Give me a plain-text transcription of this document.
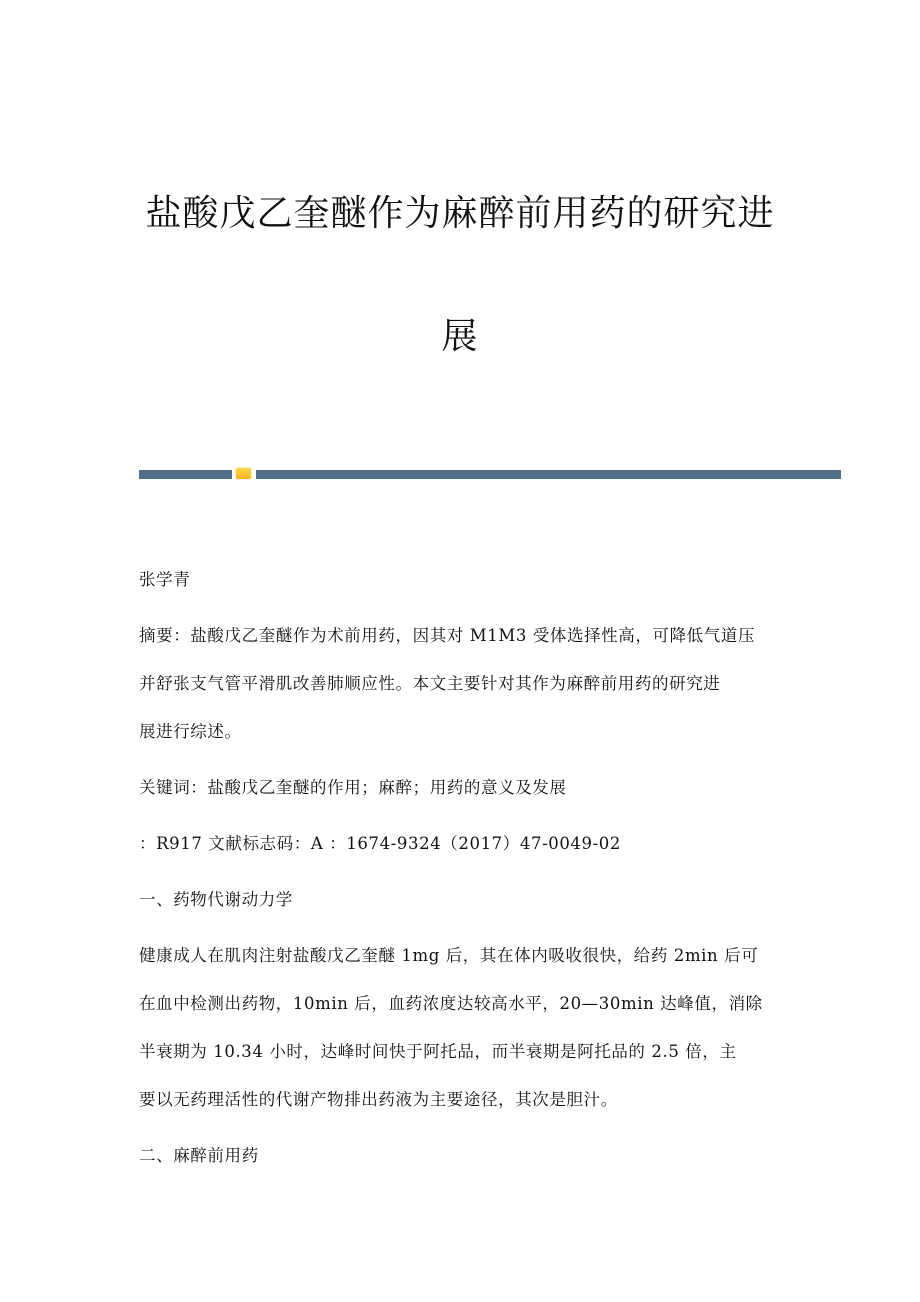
盐酸戊乙奎醚作为麻醉前用药的研究进
展
张学青
摘要：盐酸戊乙奎醚作为术前用药，因其对 M1M3 受体选择性高，可降低气道压
并舒张支气管平滑肌改善肺顺应性。本文主要针对其作为麻醉前用药的研究进
展进行综述。
关键词：盐酸戊乙奎醚的作用；麻醉；用药的意义及发展
：R917 文献标志码：A ：1674-9324（2017）47-0049-02
一、药物代谢动力学
健康成人在肌肉注射盐酸戊乙奎醚 1mg 后，其在体内吸收很快，给药 2min 后可
在血中检测出药物，10min 后，血药浓度达较高水平，20—30min 达峰值，消除
半衰期为 10.34 小时，达峰时间快于阿托品，而半衰期是阿托品的 2.5 倍，主
要以无药理活性的代谢产物排出药液为主要途径，其次是胆汁。
二、麻醉前用药
